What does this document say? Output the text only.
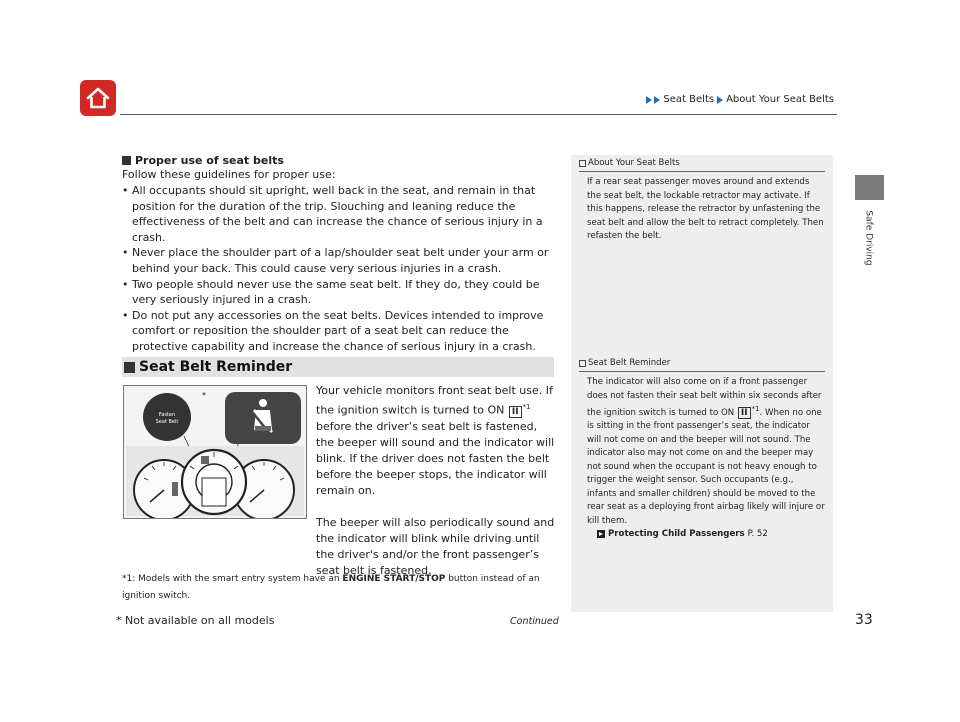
Seat Belts About Your Seat Belts
Safe Driving
Proper use of seat belts

Follow these guidelines for proper use:

• All occupants should sit upright, well back in the seat, and remain in that position for the duration of the trip. Slouching and leaning reduce the effectiveness of the belt and can increase the chance of serious injury in a crash.
• Never place the shoulder part of a lap/shoulder seat belt under your arm or behind your back. This could cause very serious injuries in a crash.
• Two people should never use the same seat belt. If they do, they could be very seriously injured in a crash.
• Do not put any accessories on the seat belts. Devices intended to improve comfort or reposition the shoulder part of a seat belt can reduce the protective capability and increase the chance of serious injury in a crash.
Seat Belt Reminder
Fasten
Seat Belt
*	Your vehicle monitors front seat belt use. If the ignition switch is turned to ON II $^{*1}$ before the driver’s seat belt is fastened, the beeper will sound and the indicator will blink. If the driver does not fasten the belt before the beeper stops, the indicator will remain on.

The beeper will also periodically sound and the indicator will blink while driving until the driver's and/or the front passenger’s seat belt is fastened.

*1: Models with the smart entry system have an ENGINE START/STOP button instead of an ignition switch.
About Your Seat Belts
If a rear seat passenger moves around and extends the seat belt, the lockable retractor may activate. If this happens, release the retractor by unfastening the seat belt and allow the belt to retract completely. Then refasten the belt.
Seat Belt Reminder
The indicator will also come on if a front passenger does not fasten their seat belt within six seconds after the ignition switch is turned to ON II $^{*1}$. When no one is sitting in the front passenger’s seat, the indicator will not come on and the beeper will not sound. The indicator also may not come on and the beeper may not sound when the occupant is not heavy enough to trigger the weight sensor. Such occupants (e.g., infants and smaller children) should be moved to the rear seat as a deploying front airbag likely will injure or kill them.
Protecting Child Passengers P. 52
Continued
* Not available on all models	33
